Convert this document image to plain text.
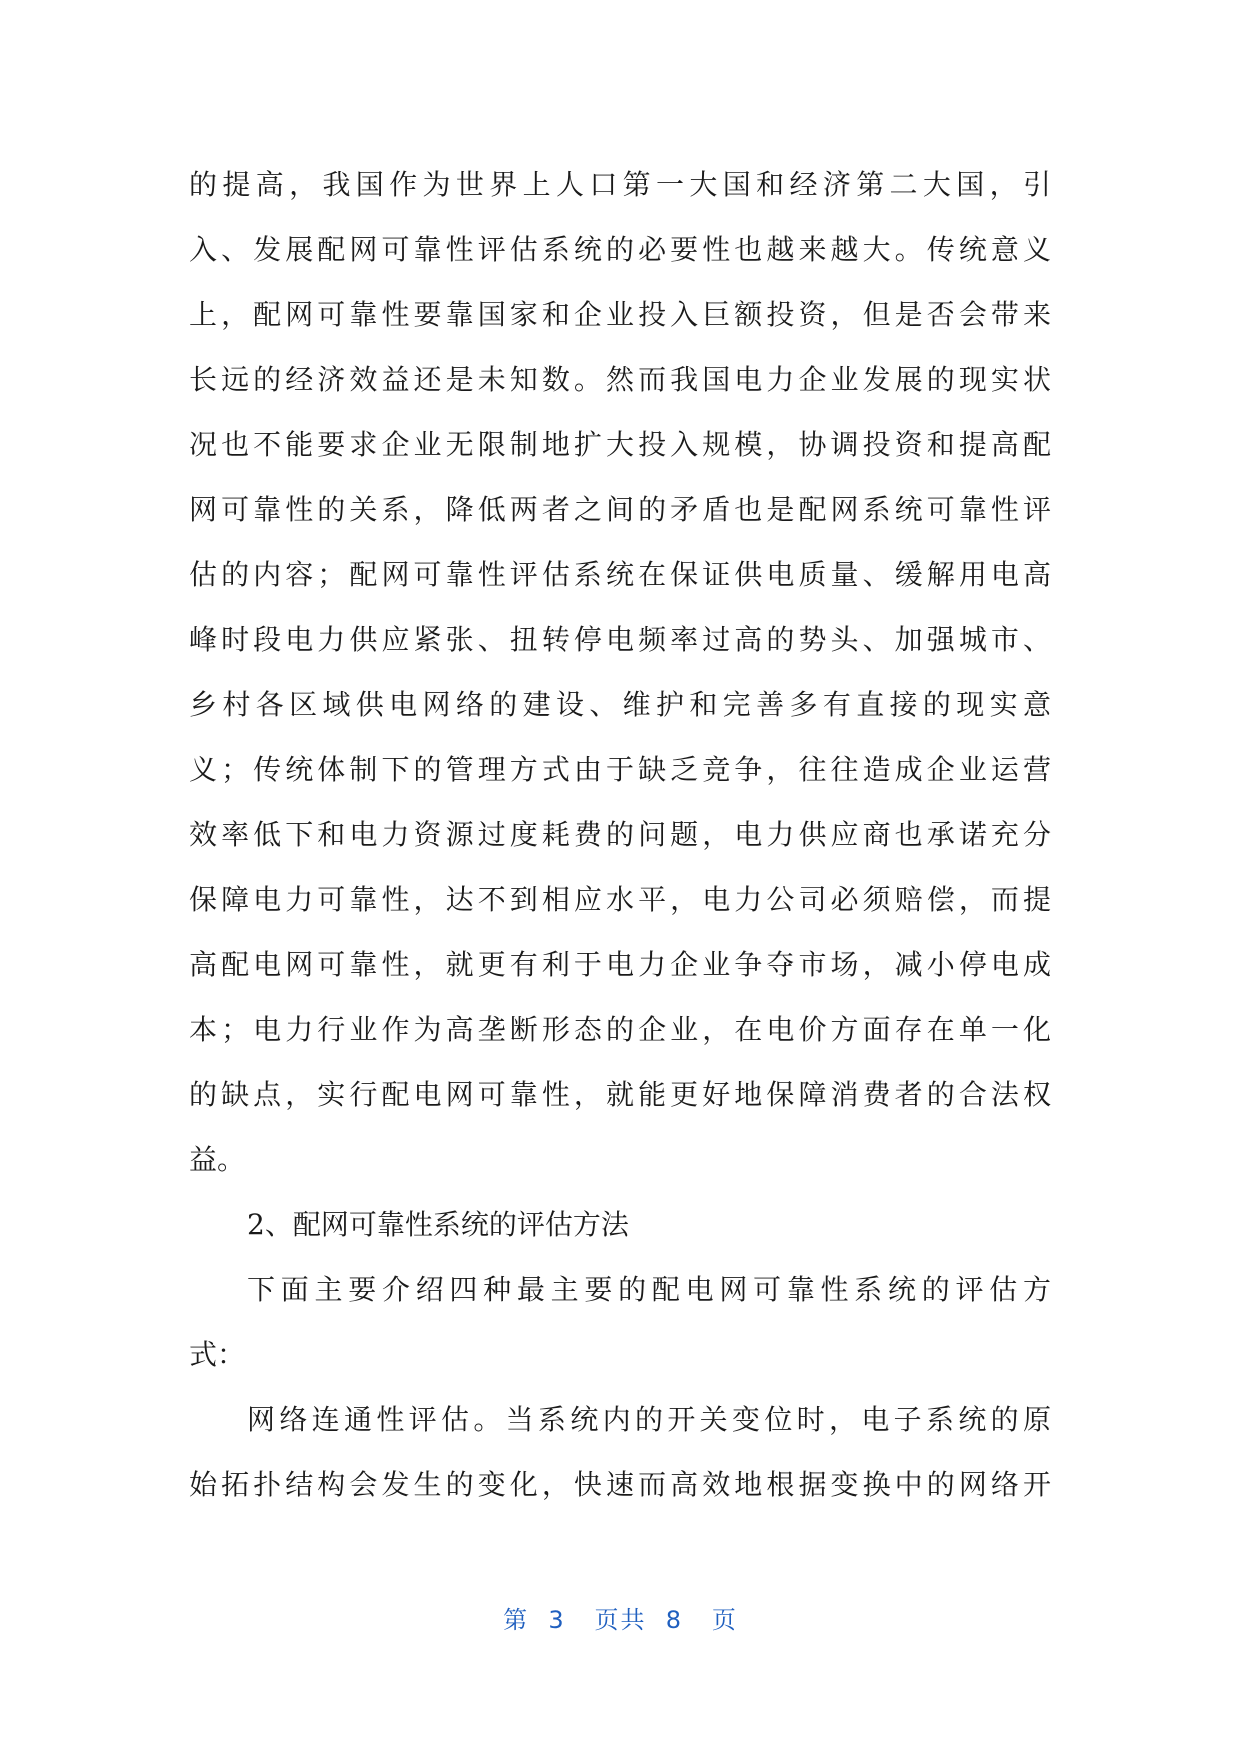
的提高，我国作为世界上人口第一大国和经济第二大国，引
入、发展配网可靠性评估系统的必要性也越来越大。传统意义
上，配网可靠性要靠国家和企业投入巨额投资，但是否会带来
长远的经济效益还是未知数。然而我国电力企业发展的现实状
况也不能要求企业无限制地扩大投入规模，协调投资和提高配
网可靠性的关系，降低两者之间的矛盾也是配网系统可靠性评
估的内容；配网可靠性评估系统在保证供电质量、缓解用电高
峰时段电力供应紧张、扭转停电频率过高的势头、加强城市、
乡村各区域供电网络的建设、维护和完善多有直接的现实意
义；传统体制下的管理方式由于缺乏竞争，往往造成企业运营
效率低下和电力资源过度耗费的问题，电力供应商也承诺充分
保障电力可靠性，达不到相应水平，电力公司必须赔偿，而提
高配电网可靠性，就更有利于电力企业争夺市场，减小停电成
本；电力行业作为高垄断形态的企业，在电价方面存在单一化
的缺点，实行配电网可靠性，就能更好地保障消费者的合法权
益。
2、配网可靠性系统的评估方法
下面主要介绍四种最主要的配电网可靠性系统的评估方
式：
网络连通性评估。当系统内的开关变位时，电子系统的原
始拓扑结构会发生的变化，快速而高效地根据变换中的网络开
第  3   页共  8   页
